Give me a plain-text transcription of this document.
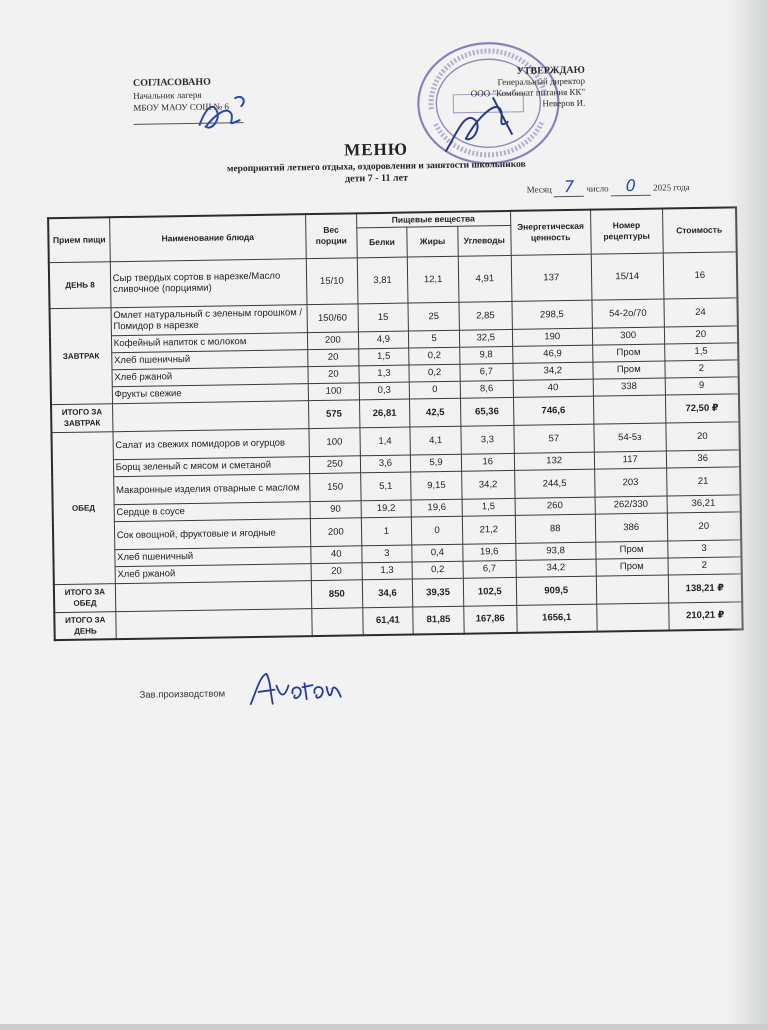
СОГЛАСОВАНО
Начальник лагеря
МБОУ МАОУ СОШ № 6
УТВЕРЖДАЮ
Генеральный директор
ООО "Комбинат питания КК"
Неверов И.
МЕНЮ
мероприятий летнего отдыха, оздоровления и занятости школьников
дети 7 - 11 лет
Месяц 7 число 0 2025 года
Прием пищи	Наименование блюда	Вес порции	Пищевые вещества			Энергетическая ценность	Номер рецептуры	Стоимость
			Белки	Жиры	Углеводы			
ДЕНЬ 8	Сыр твердых сортов в нарезке/Масло сливочное (порциями)	15/10	3,81	12,1	4,91	137	15/14	16
ЗАВТРАК	Омлет натуральный с зеленым горошком /Помидор в нарезке	150/60	15	25	2,85	298,5	54-2о/70	24
	Кофейный напиток с молоком	200	4,9	5	32,5	190	300	20
	Хлеб пшеничный	20	1,5	0,2	9,8	46,9	Пром	1,5
	Хлеб ржаной	20	1,3	0,2	6,7	34,2	Пром	2
	Фрукты свежие	100	0,3	0	8,6	40	338	9
ИТОГО ЗА ЗАВТРАК		575	26,81	42,5	65,36	746,6		72,50 ₽
ОБЕД	Салат из свежих помидоров и огурцов	100	1,4	4,1	3,3	57	54-5з	20
	Борщ зеленый с мясом и сметаной	250	3,6	5,9	16	132	117	36
	Макаронные изделия отварные с маслом	150	5,1	9,15	34,2	244,5	203	21
	Сердце в соусе	90	19,2	19,6	1,5	260	262/330	36,21
	Сок овощной, фруктовые и ягодные	200	1	0	21,2	88	386	20
	Хлеб пшеничный	40	3	0,4	19,6	93,8	Пром	3
	Хлеб ржаной	20	1,3	0,2	6,7	34,2	Пром	2
ИТОГО ЗА ОБЕД		850	34,6	39,35	102,5	909,5		138,21 ₽
ИТОГО ЗА ДЕНЬ			61,41	81,85	167,86	1656,1		210,21 ₽
Зав.производством
